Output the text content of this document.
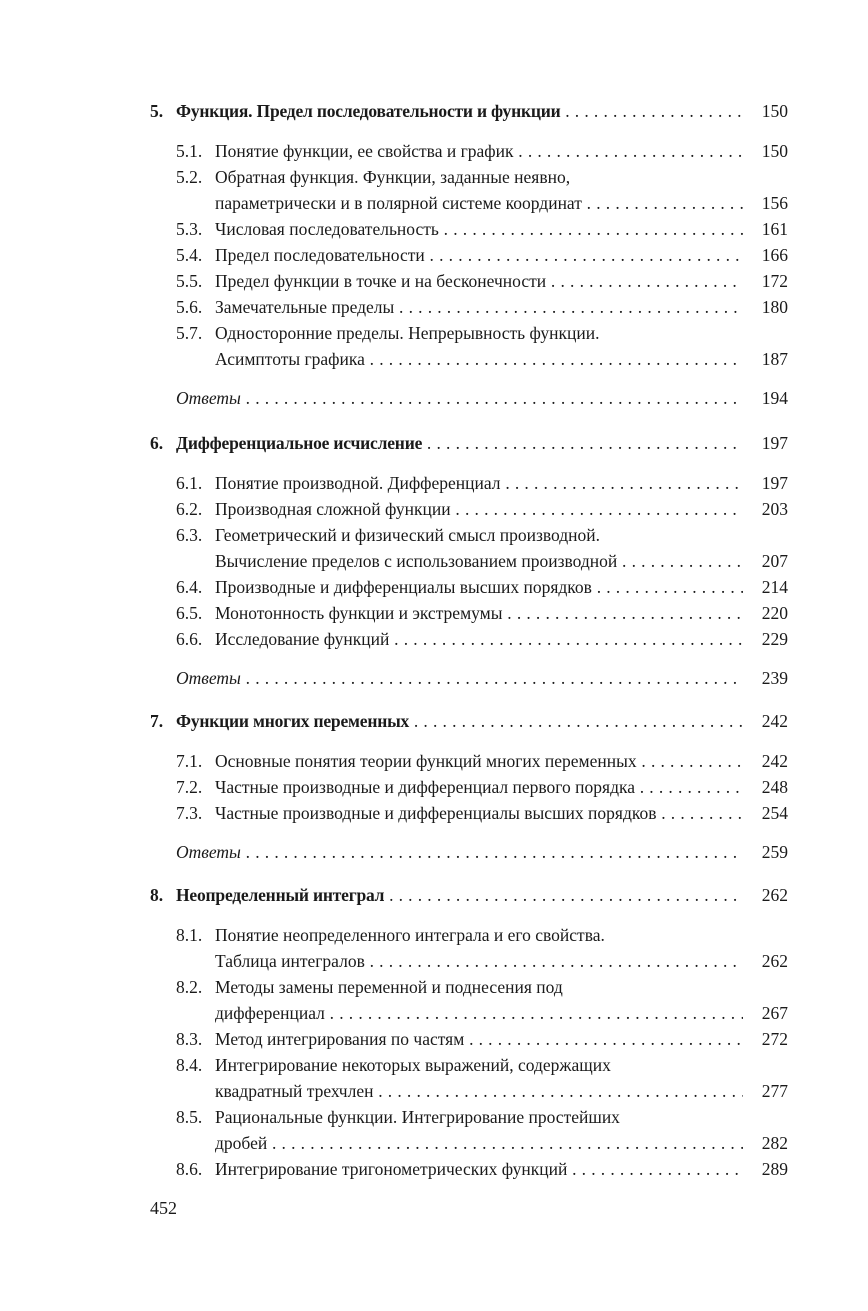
5. Функция. Предел последовательности и функции . . .	150
5.1. Понятие функции, ее свойства и график . . .	150
5.2. Обратная функция. Функции, заданные неявно,
параметрически и в полярной системе координат . . .	156
5.3. Числовая последовательность . . .	161
5.4. Предел последовательности . . .	166
5.5. Предел функции в точке и на бесконечности . . .	172
5.6. Замечательные пределы . . .	180
5.7. Односторонние пределы. Непрерывность функции.
Асимптоты графика . . .	187
Ответы . . .	194
6. Дифференциальное исчисление . . .	197
6.1. Понятие производной. Дифференциал . . .	197
6.2. Производная сложной функции . . .	203
6.3. Геометрический и физический смысл производной.
Вычисление пределов с использованием производной . . .	207
6.4. Производные и дифференциалы высших порядков . . .	214
6.5. Монотонность функции и экстремумы . . .	220
6.6. Исследование функций . . .	229
Ответы . . .	239
7. Функции многих переменных . . .	242
7.1. Основные понятия теории функций многих переменных . . .	242
7.2. Частные производные и дифференциал первого порядка . . .	248
7.3. Частные производные и дифференциалы высших порядков . . .	254
Ответы . . .	259
8. Неопределенный интеграл . . .	262
8.1. Понятие неопределенного интеграла и его свойства.
Таблица интегралов . . .	262
8.2. Методы замены переменной и поднесения под
дифференциал . . .	267
8.3. Метод интегрирования по частям . . .	272
8.4. Интегрирование некоторых выражений, содержащих
квадратный трехчлен . . .	277
8.5. Рациональные функции. Интегрирование простейших
дробей . . .	282
8.6. Интегрирование тригонометрических функций . . .	289
452
